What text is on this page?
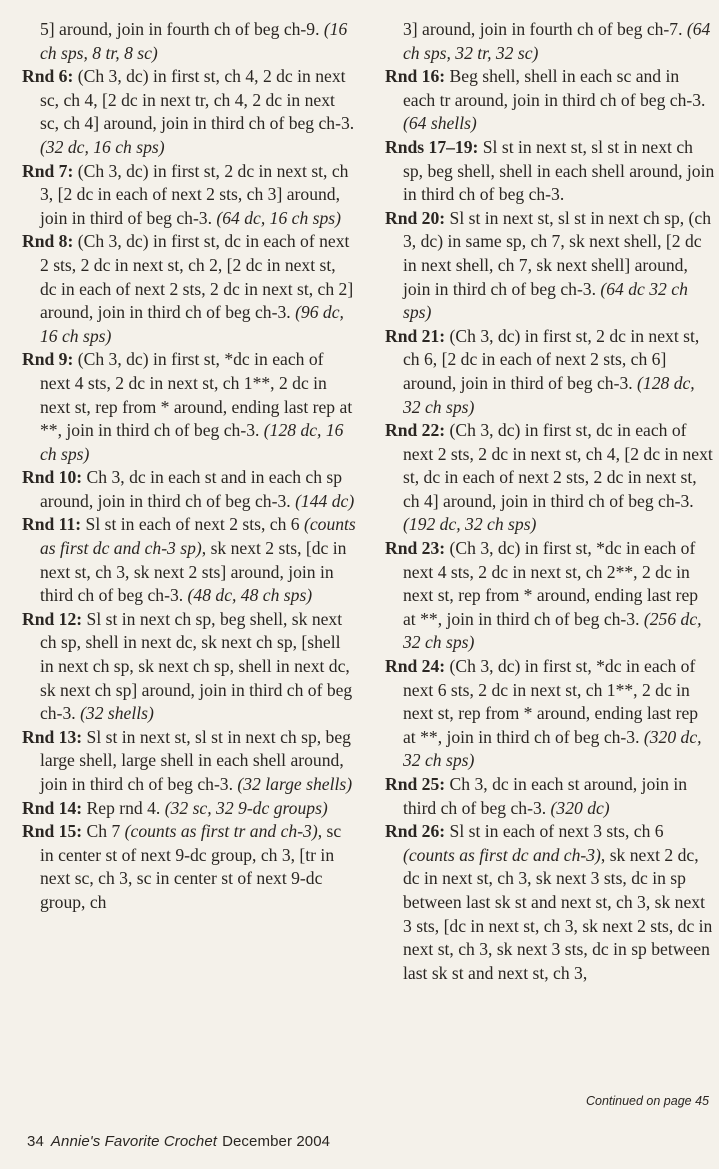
5] around, join in fourth ch of beg ch-9. (16 ch sps, 8 tr, 8 sc)

Rnd 6: (Ch 3, dc) in first st, ch 4, 2 dc in next sc, ch 4, [2 dc in next tr, ch 4, 2 dc in next sc, ch 4] around, join in third ch of beg ch-3. (32 dc, 16 ch sps)

Rnd 7: (Ch 3, dc) in first st, 2 dc in next st, ch 3, [2 dc in each of next 2 sts, ch 3] around, join in third of beg ch-3. (64 dc, 16 ch sps)

Rnd 8: (Ch 3, dc) in first st, dc in each of next 2 sts, 2 dc in next st, ch 2, [2 dc in next st, dc in each of next 2 sts, 2 dc in next st, ch 2] around, join in third ch of beg ch-3. (96 dc, 16 ch sps)

Rnd 9: (Ch 3, dc) in first st, *dc in each of next 4 sts, 2 dc in next st, ch 1**, 2 dc in next st, rep from * around, ending last rep at **, join in third ch of beg ch-3. (128 dc, 16 ch sps)

Rnd 10: Ch 3, dc in each st and in each ch sp around, join in third ch of beg ch-3. (144 dc)

Rnd 11: Sl st in each of next 2 sts, ch 6 (counts as first dc and ch-3 sp), sk next 2 sts, [dc in next st, ch 3, sk next 2 sts] around, join in third ch of beg ch-3. (48 dc, 48 ch sps)

Rnd 12: Sl st in next ch sp, beg shell, sk next ch sp, shell in next dc, sk next ch sp, [shell in next ch sp, sk next ch sp, shell in next dc, sk next ch sp] around, join in third ch of beg ch-3. (32 shells)

Rnd 13: Sl st in next st, sl st in next ch sp, beg large shell, large shell in each shell around, join in third ch of beg ch-3. (32 large shells)

Rnd 14: Rep rnd 4. (32 sc, 32 9-dc groups)

Rnd 15: Ch 7 (counts as first tr and ch-3), sc in center st of next 9-dc group, ch 3, [tr in next sc, ch 3, sc in center st of next 9-dc group, ch

3] around, join in fourth ch of beg ch-7. (64 ch sps, 32 tr, 32 sc)

Rnd 16: Beg shell, shell in each sc and in each tr around, join in third ch of beg ch-3. (64 shells)

Rnds 17–19: Sl st in next st, sl st in next ch sp, beg shell, shell in each shell around, join in third ch of beg ch-3.

Rnd 20: Sl st in next st, sl st in next ch sp, (ch 3, dc) in same sp, ch 7, sk next shell, [2 dc in next shell, ch 7, sk next shell] around, join in third ch of beg ch-3. (64 dc 32 ch sps)

Rnd 21: (Ch 3, dc) in first st, 2 dc in next st, ch 6, [2 dc in each of next 2 sts, ch 6] around, join in third of beg ch-3. (128 dc, 32 ch sps)

Rnd 22: (Ch 3, dc) in first st, dc in each of next 2 sts, 2 dc in next st, ch 4, [2 dc in next st, dc in each of next 2 sts, 2 dc in next st, ch 4] around, join in third ch of beg ch-3. (192 dc, 32 ch sps)

Rnd 23: (Ch 3, dc) in first st, *dc in each of next 4 sts, 2 dc in next st, ch 2**, 2 dc in next st, rep from * around, ending last rep at **, join in third ch of beg ch-3. (256 dc, 32 ch sps)

Rnd 24: (Ch 3, dc) in first st, *dc in each of next 6 sts, 2 dc in next st, ch 1**, 2 dc in next st, rep from * around, ending last rep at **, join in third ch of beg ch-3. (320 dc, 32 ch sps)

Rnd 25: Ch 3, dc in each st around, join in third ch of beg ch-3. (320 dc)

Rnd 26: Sl st in each of next 3 sts, ch 6 (counts as first dc and ch-3), sk next 2 dc, dc in next st, ch 3, sk next 3 sts, dc in sp between last sk st and next st, ch 3, sk next 3 sts, [dc in next st, ch 3, sk next 2 sts, dc in next st, ch 3, sk next 3 sts, dc in sp between last sk st and next st, ch 3,

Continued on page 45
34 Annie's Favorite Crochet December 2004
